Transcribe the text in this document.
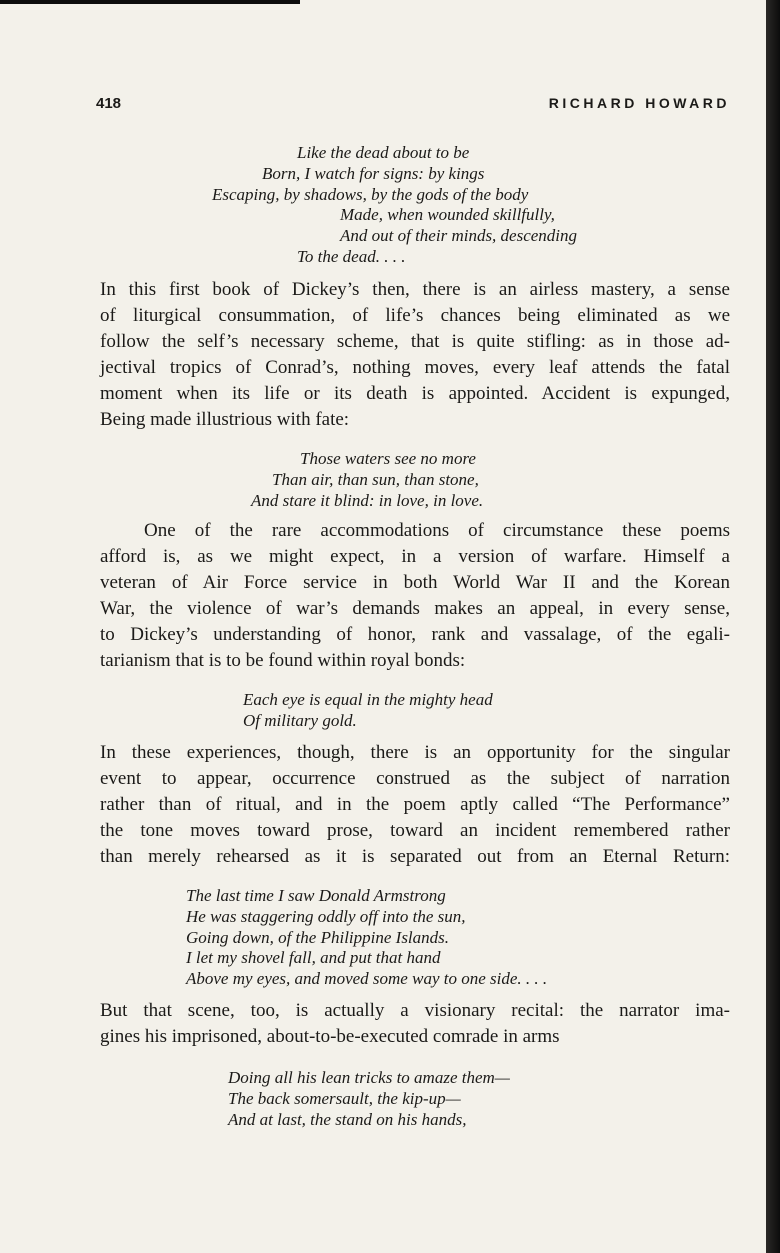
418	RICHARD HOWARD

Like the dead about to be

Born, I watch for signs: by kings

Escaping, by shadows, by the gods of the body

Made, when wounded skillfully,

And out of their minds, descending

To the dead. . . .

In this first book of Dickey’s then, there is an airless mastery, a sense
of liturgical consummation, of life’s chances being eliminated as we
follow the self’s necessary scheme, that is quite stifling: as in those ad-
jectival tropics of Conrad’s, nothing moves, every leaf attends the fatal
moment when its life or its death is appointed. Accident is expunged,
Being made illustrious with fate:

Those waters see no more

Than air, than sun, than stone,

And stare it blind: in love, in love.

One of the rare accommodations of circumstance these poems
afford is, as we might expect, in a version of warfare. Himself a
veteran of Air Force service in both World War II and the Korean
War, the violence of war’s demands makes an appeal, in every sense,
to Dickey’s understanding of honor, rank and vassalage, of the egali-
tarianism that is to be found within royal bonds:

Each eye is equal in the mighty head

Of military gold.

In these experiences, though, there is an opportunity for the singular
event to appear, occurrence construed as the subject of narration
rather than of ritual, and in the poem aptly called “The Performance”
the tone moves toward prose, toward an incident remembered rather
than merely rehearsed as it is separated out from an Eternal Return:

The last time I saw Donald Armstrong

He was staggering oddly off into the sun,

Going down, of the Philippine Islands.

I let my shovel fall, and put that hand

Above my eyes, and moved some way to one side. . . .

But that scene, too, is actually a visionary recital: the narrator ima-
gines his imprisoned, about-to-be-executed comrade in arms

Doing all his lean tricks to amaze them—

The back somersault, the kip-up—

And at last, the stand on his hands,
